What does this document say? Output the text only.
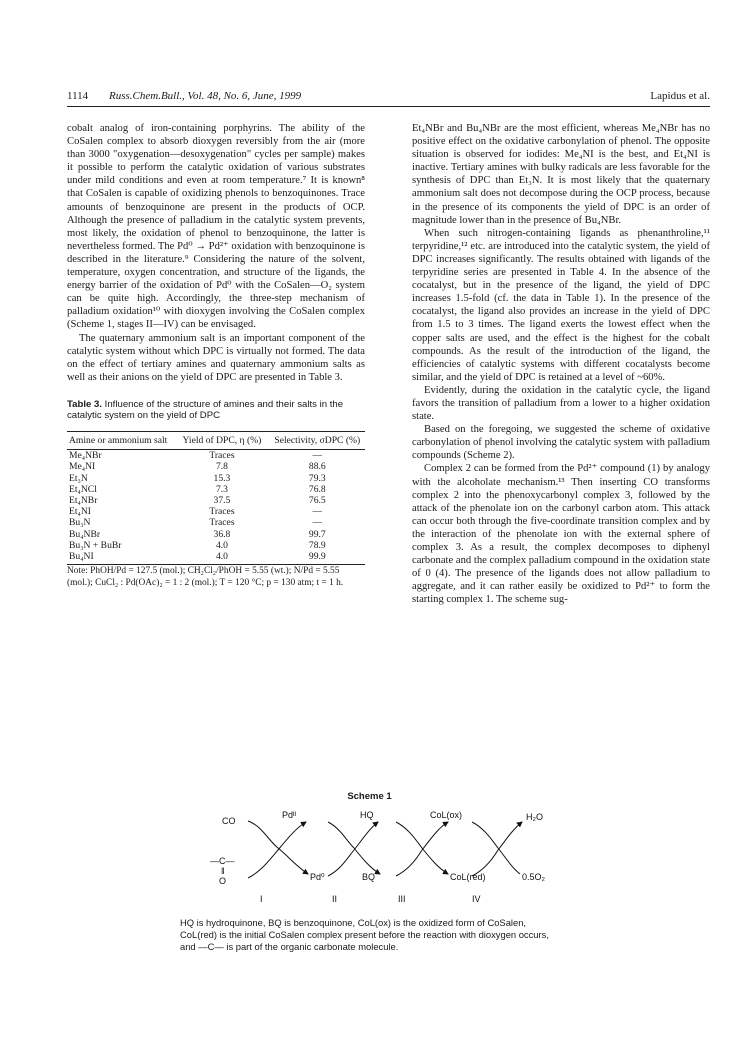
1114 Russ.Chem.Bull., Vol. 48, No. 6, June, 1999	Lapidus et al.

cobalt analog of iron-containing porphyrins. The ability of the CoSalen complex to absorb dioxygen reversibly from the air (more than 3000 "oxygenation—desoxygenation" cycles per sample) makes it possible to perform the catalytic oxidation of various substrates under mild conditions and even at room temperature.⁷ It is known⁸ that CoSalen is capable of oxidizing phenols to benzoquinones. Trace amounts of benzoquinone are present in the products of OCP. Although the presence of palladium in the catalytic system prevents, most likely, the oxidation of phenol to benzoquinone, the latter is nevertheless formed. The Pd⁰ → Pd²⁺ oxidation with benzoquinone is described in the literature.⁹ Considering the nature of the solvent, temperature, oxygen concentration, and structure of the ligands, the energy barrier of the oxidation of Pd⁰ with the CoSalen—O₂ system can be quite high. Accordingly, the three-step mechanism of palladium oxidation¹⁰ with dioxygen involving the CoSalen complex (Scheme 1, stages II—IV) can be envisaged.

The quaternary ammonium salt is an important component of the catalytic system without which DPC is virtually not formed. The data on the effect of tertiary amines and quaternary ammonium salts as well as their anions on the yield of DPC are presented in Table 3.

Table 3. Influence of the structure of amines and their salts in the catalytic system on the yield of DPC

Amine or ammonium salt	Yield of DPC, η (%)	Selectivity, σDPC (%)
Me₄NBr	Traces	—
Me₄NI	7.8	88.6
Et₃N	15.3	79.3
Et₄NCl	7.3	76.8
Et₄NBr	37.5	76.5
Et₄NI	Traces	—
Bu₃N	Traces	—
Bu₄NBr	36.8	99.7
Bu₃N + BuBr	4.0	78.9
Bu₄NI	4.0	99.9

Note: PhOH/Pd = 127.5 (mol.); CH₂Cl₂/PhOH = 5.55 (wt.); N/Pd = 5.55 (mol.); CuCl₂ : Pd(OAc)₂ = 1 : 2 (mol.); T = 120 °C; p = 130 atm; t = 1 h.

Et₄NBr and Bu₄NBr are the most efficient, whereas Me₄NBr has no positive effect on the oxidative carbonylation of phenol. The opposite situation is observed for iodides: Me₄NI is the best, and Et₄NI is inactive. Tertiary amines with bulky radicals are less favorable for the synthesis of DPC than Et₃N. It is most likely that the quaternary ammonium salt does not decompose during the OCP process, because in the presence of its components the yield of DPC is an order of magnitude lower than in the presence of Bu₄NBr.

When such nitrogen-containing ligands as phenanthroline,¹¹ terpyridine,¹² etc. are introduced into the catalytic system, the yield of DPC increases significantly. The results obtained with ligands of the terpyridine series are presented in Table 4. In the absence of the cocatalyst, but in the presence of the ligand, the yield of DPC increases 1.5-fold (cf. the data in Table 1). In the presence of the cocatalyst, the ligand also provides an increase in the yield of DPC from 1.5 to 3 times. The ligand exerts the lowest effect when the copper salts are used, and the effect is the highest for the cobalt compounds. As the result of the introduction of the ligand, the efficiencies of catalytic systems with different cocatalysts become similar, and the yield of DPC is retained at a level of ~60%.

Evidently, during the oxidation in the catalytic cycle, the ligand favors the transition of palladium from a lower to a higher oxidation state.

Based on the foregoing, we suggested the scheme of oxidative carbonylation of phenol involving the catalytic system with palladium compounds (Scheme 2).

Complex 2 can be formed from the Pd²⁺ compound (1) by analogy with the alcoholate mechanism.¹³ Then inserting CO transforms complex 2 into the phenoxycarbonyl complex 3, followed by the attack of the phenolate ion on the carbonyl carbon atom. This attack can occur both through the five-coordinate transition complex and by the interaction of the phenolate ion with the external sphere of complex 3. As a result, the complex decomposes to diphenyl carbonate and the complex palladium compound in the oxidation state of 0 (4). The presence of the ligands does not allow palladium to aggregate, and it can rather easily be oxidized to Pd²⁺ to form the starting complex 1. The scheme sug-

Scheme 1
CO
Pdᴵᴵ	HQ	CoL(ox)	H₂O
—C—
ǁ
O	Pd⁰	BQ	CoL(red)	0.5O₂
I	II	III	IV
HQ is hydroquinone, BQ is benzoquinone, CoL(ox) is the oxidized form of CoSalen, CoL(red) is the initial CoSalen complex present before the reaction with dioxygen occurs, and —C— is part of the organic carbonate molecule.
